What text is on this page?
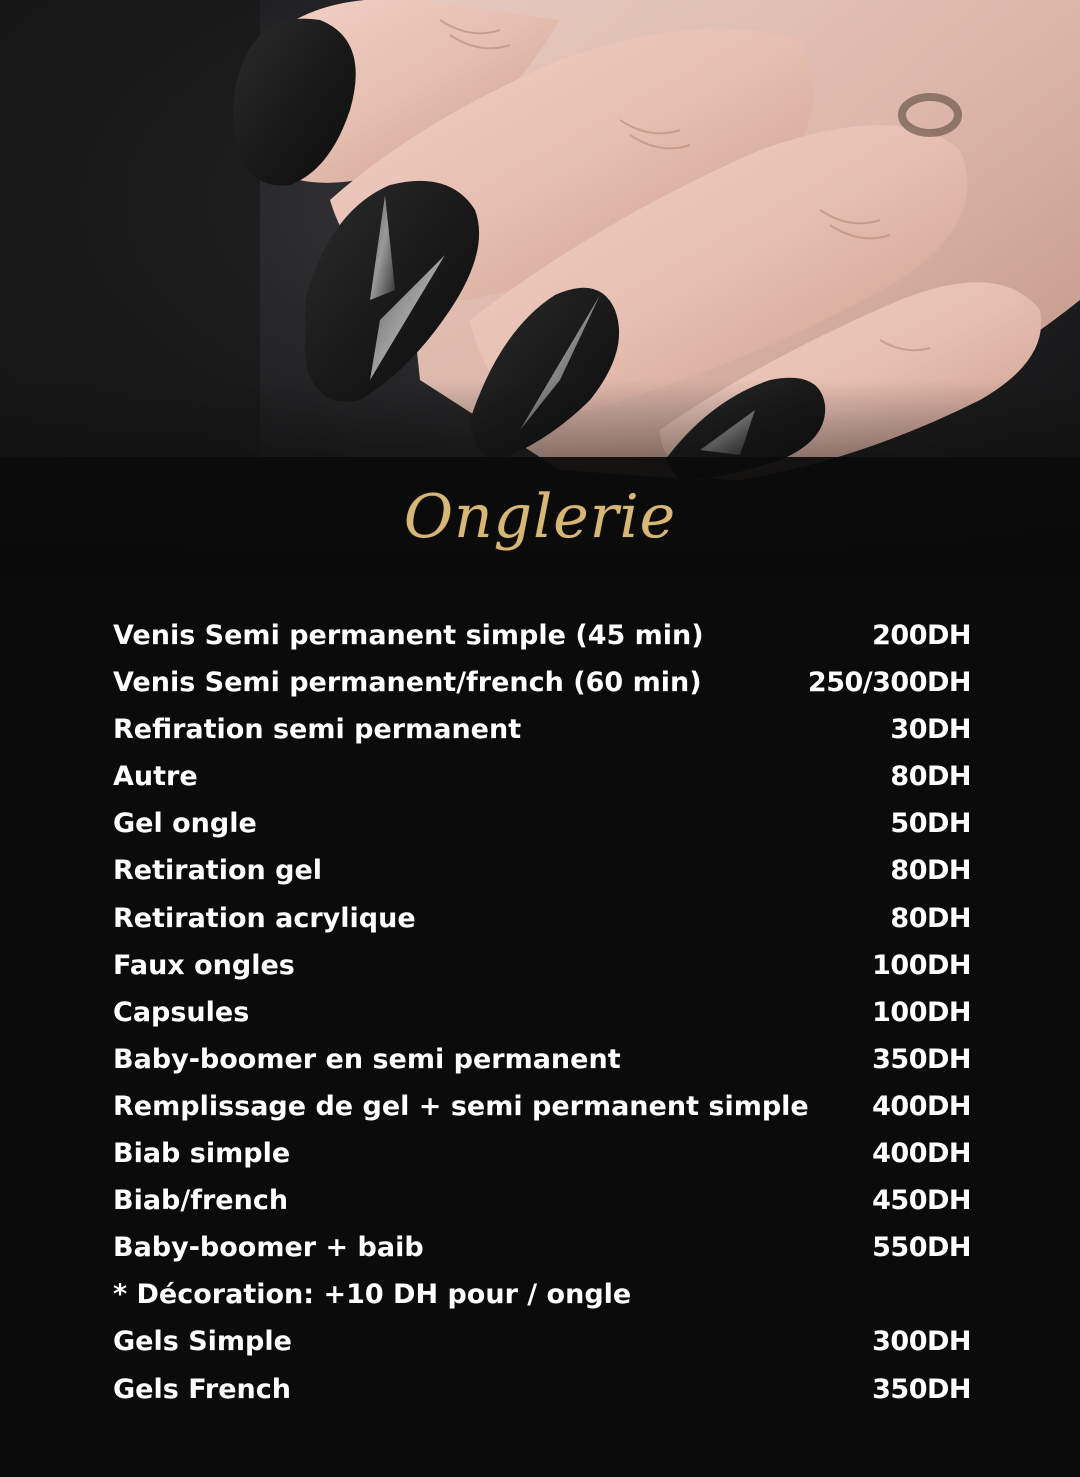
Onglerie
Venis Semi permanent simple (45 min)	200DH
Venis Semi permanent/french (60 min)	250/300DH
Refiration semi permanent	30DH
Autre	80DH
Gel ongle	50DH
Retiration gel	80DH
Retiration acrylique	80DH
Faux ongles	100DH
Capsules	100DH
Baby-boomer en semi permanent	350DH
Remplissage de gel + semi permanent simple 400DH
Biab simple	400DH
Biab/french	450DH
Baby-boomer + baib	550DH
* Décoration: +10 DH pour / ongle
Gels Simple	300DH
Gels French	350DH
